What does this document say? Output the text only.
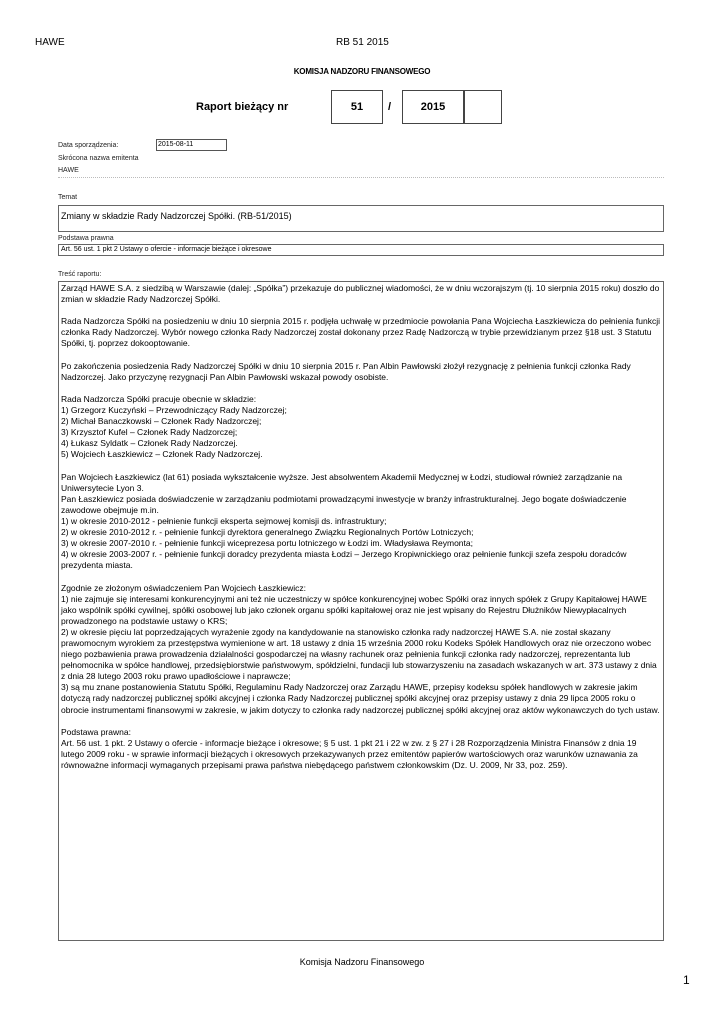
HAWE	RB 51 2015
KOMISJA NADZORU FINANSOWEGO
Raport bieżący nr	51 /	2015
Data sporządzenia:	2015-08-11
Skrócona nazwa emitenta
HAWE
Temat
Zmiany w składzie Rady Nadzorczej Spółki. (RB-51/2015)
Podstawa prawna
Art. 56 ust. 1 pkt 2 Ustawy o ofercie - informacje bieżące i okresowe
Treść raportu:

Zarząd HAWE S.A. z siedzibą w Warszawie (dalej: „Spółka”) przekazuje do publicznej wiadomości, że w dniu wczorajszym (tj. 10 sierpnia 2015 roku) doszło do zmian w składzie Rady Nadzorczej Spółki.

Rada Nadzorcza Spółki na posiedzeniu w dniu 10 sierpnia 2015 r. podjęła uchwałę w przedmiocie powołania Pana Wojciecha Łaszkiewicza do pełnienia funkcji członka Rady Nadzorczej. Wybór nowego członka Rady Nadzorczej został dokonany przez Radę Nadzorczą w trybie przewidzianym przez §18 ust. 3 Statutu Spółki, tj. poprzez dokooptowanie.

Po zakończenia posiedzenia Rady Nadzorczej Spółki w dniu 10 sierpnia 2015 r. Pan Albin Pawłowski złożył rezygnację z pełnienia funkcji członka Rady Nadzorczej. Jako przyczynę rezygnacji Pan Albin Pawłowski wskazał powody osobiste.

Rada Nadzorcza Spółki pracuje obecnie w składzie:
1) Grzegorz Kuczyński – Przewodniczący Rady Nadzorczej;
2) Michał Banaczkowski – Członek Rady Nadzorczej;
3) Krzysztof Kufel – Członek Rady Nadzorczej;
4) Łukasz Syldatk – Członek Rady Nadzorczej.
5) Wojciech Łaszkiewicz – Członek Rady Nadzorczej.

Pan Wojciech Łaszkiewicz (lat 61) posiada wykształcenie wyższe. Jest absolwentem Akademii Medycznej w Łodzi, studiował również zarządzanie na Uniwersytecie Lyon 3.
Pan Łaszkiewicz posiada doświadczenie w zarządzaniu podmiotami prowadzącymi inwestycje w branży infrastrukturalnej. Jego bogate doświadczenie zawodowe obejmuje m.in.
1) w okresie 2010-2012 - pełnienie funkcji eksperta sejmowej komisji ds. infrastruktury;
2) w okresie 2010-2012 r. - pełnienie funkcji dyrektora generalnego Związku Regionalnych Portów Lotniczych;
3) w okresie 2007-2010 r. - pełnienie funkcji wiceprezesa portu lotniczego w Łodzi im. Władysława Reymonta;
4) w okresie 2003-2007 r. - pełnienie funkcji doradcy prezydenta miasta Łodzi – Jerzego Kropiwnickiego oraz pełnienie funkcji szefa zespołu doradców prezydenta miasta.

Zgodnie ze złożonym oświadczeniem Pan Wojciech Łaszkiewicz:
1) nie zajmuje się interesami konkurencyjnymi ani też nie uczestniczy w spółce konkurencyjnej wobec Spółki oraz innych spółek z Grupy Kapitałowej HAWE jako wspólnik spółki cywilnej, spółki osobowej lub jako członek organu spółki kapitałowej oraz nie jest wpisany do Rejestru Dłużników Niewypłacalnych prowadzonego na podstawie ustawy o KRS;
2) w okresie pięciu lat poprzedzających wyrażenie zgody na kandydowanie na stanowisko członka rady nadzorczej HAWE S.A. nie został skazany prawomocnym wyrokiem za przestępstwa wymienione w art. 18 ustawy z dnia 15 września 2000 roku Kodeks Spółek Handlowych oraz nie orzeczono wobec niego pozbawienia prawa prowadzenia działalności gospodarczej na własny rachunek oraz pełnienia funkcji członka rady nadzorczej, reprezentanta lub pełnomocnika w spółce handlowej, przedsiębiorstwie państwowym, spółdzielni, fundacji lub stowarzyszeniu na zasadach wskazanych w art. 373 ustawy z dnia z dnia 28 lutego 2003 roku prawo upadłościowe i naprawcze;
3) są mu znane postanowienia Statutu Spółki, Regulaminu Rady Nadzorczej oraz Zarządu HAWE, przepisy kodeksu spółek handlowych w zakresie jakim dotyczą rady nadzorczej publicznej spółki akcyjnej i członka Rady Nadzorczej publicznej spółki akcyjnej oraz przepisy ustawy z dnia 29 lipca 2005 roku o obrocie instrumentami finansowymi w zakresie, w jakim dotyczy to członka rady nadzorczej publicznej spółki akcyjnej oraz aktów wykonawczych do tych ustaw.

Podstawa prawna:
Art. 56 ust. 1 pkt. 2 Ustawy o ofercie - informacje bieżące i okresowe; § 5 ust. 1 pkt 21 i 22 w zw. z § 27 i 28 Rozporządzenia Ministra Finansów z dnia 19 lutego 2009 roku - w sprawie informacji bieżących i okresowych przekazywanych przez emitentów papierów wartościowych oraz warunków uznawania za równoważne informacji wymaganych przepisami prawa państwa niebędącego państwem członkowskim (Dz. U. 2009, Nr 33, poz. 259).

Komisja Nadzoru Finansowego
1
